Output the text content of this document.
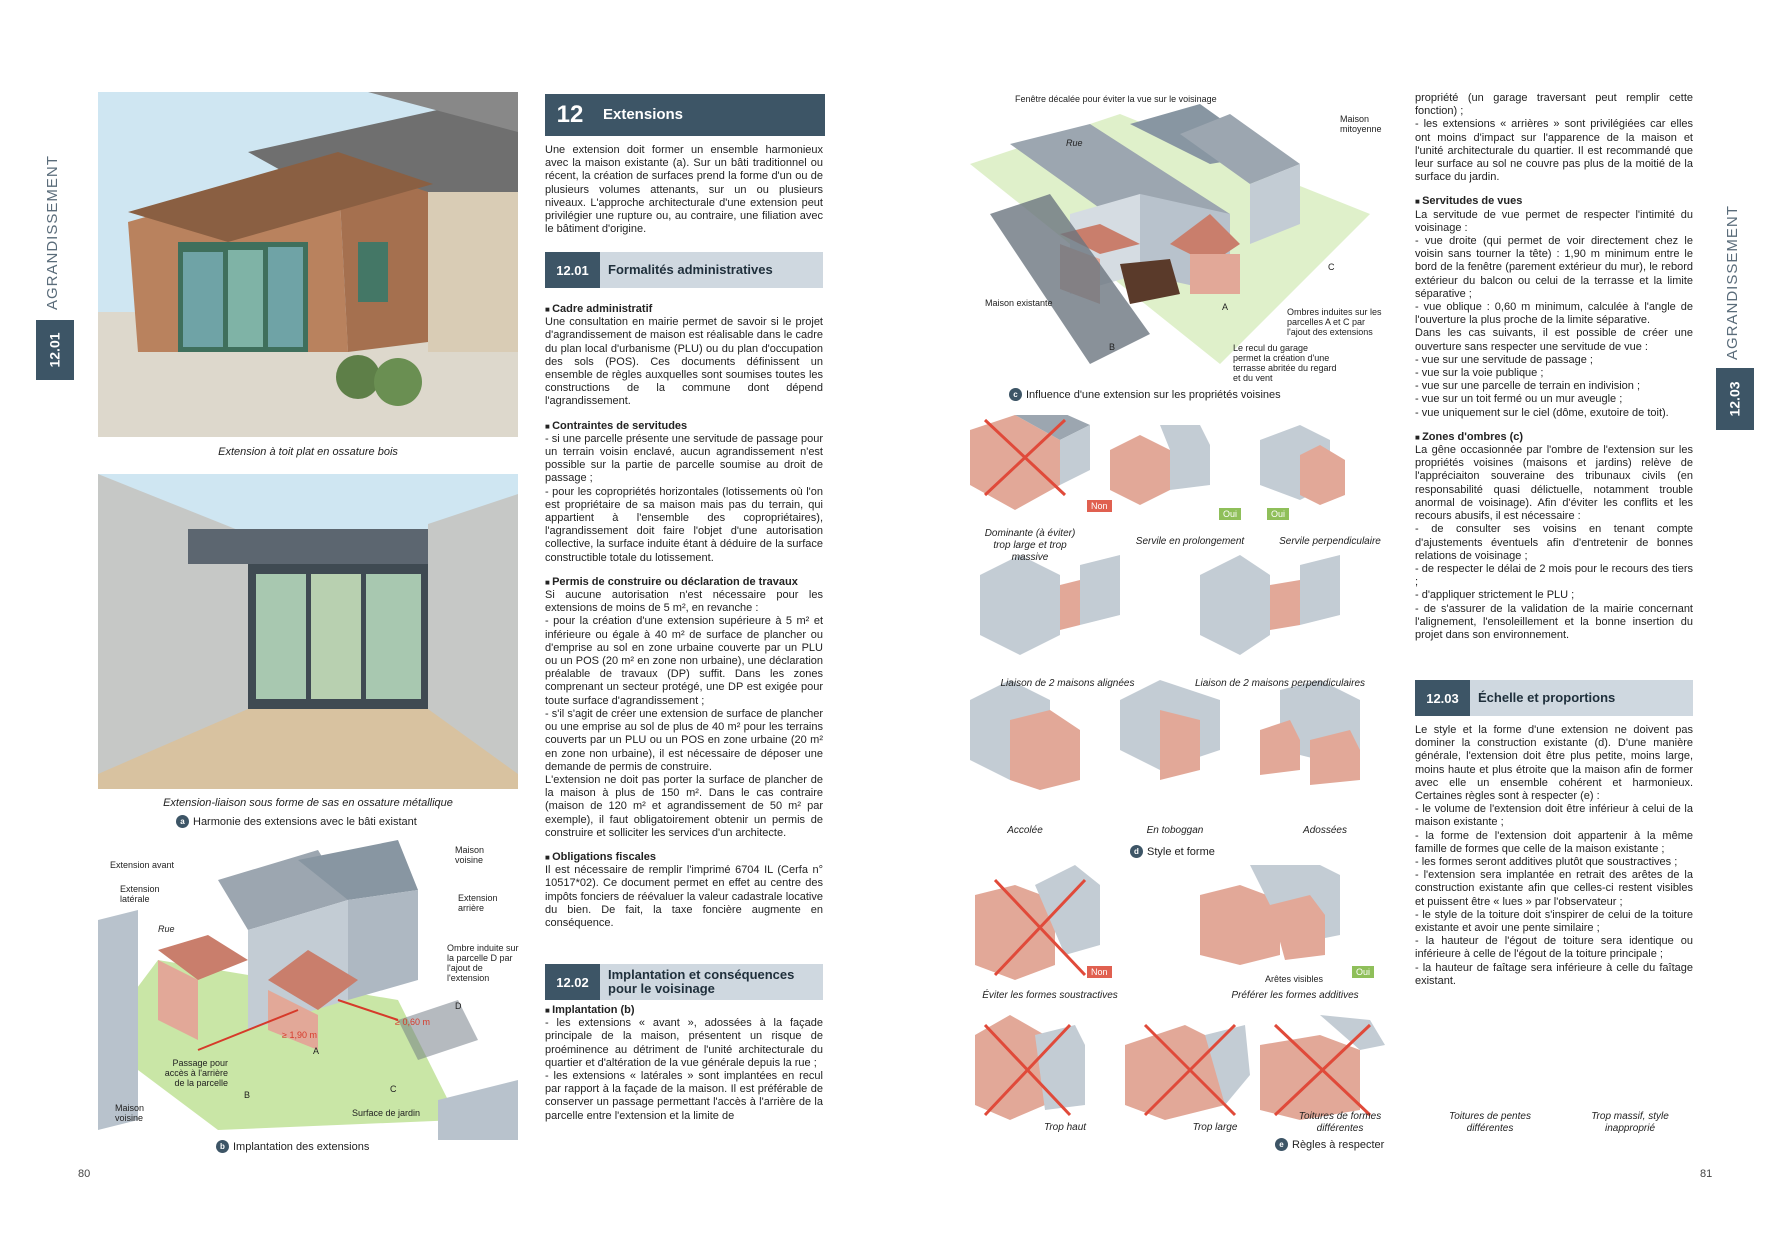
12.01
AGRANDISSEMENT
Extension à toit plat en ossature bois
Extension-liaison sous forme de sas en ossature métallique
a Harmonie des extensions avec le bâti existant
Extension avant
Extension latérale
Rue
Maison voisine
Extension arrière
Ombre induite sur la parcelle D par l'ajout de l'extension
Passage pour accès à l'arrière de la parcelle
Maison voisine	Surface de jardin
≥ 1,90 m
≥ 0,60 m
A
B
C
D
b Implantation des extensions
12	Extensions
Une extension doit former un ensemble harmonieux avec la maison existante (a). Sur un bâti traditionnel ou récent, la création de surfaces prend la forme d'un ou de plusieurs volumes attenants, sur un ou plusieurs niveaux. L'approche architecturale d'une extension peut privilégier une rupture ou, au contraire, une filiation avec le bâtiment d'origine.
12.01	Formalités administratives
■ Cadre administratif

Une consultation en mairie permet de savoir si le projet d'agrandissement de maison est réalisable dans le cadre du plan local d'urbanisme (PLU) ou du plan d'occupation des sols (POS). Ces documents définissent un ensemble de règles auxquelles sont soumises toutes les constructions de la commune dont dépend l'agrandissement.

■ Contraintes de servitudes

- si une parcelle présente une servitude de passage pour un terrain voisin enclavé, aucun agrandissement n'est possible sur la partie de parcelle soumise au droit de passage ;

- pour les copropriétés horizontales (lotissements où l'on est propriétaire de sa maison mais pas du terrain, qui appartient à l'ensemble des copropriétaires), l'agrandissement doit faire l'objet d'une autorisation collective, la surface induite étant à déduire de la surface constructible totale du lotissement.

■ Permis de construire ou déclaration de travaux

Si aucune autorisation n'est nécessaire pour les extensions de moins de 5 m², en revanche :

- pour la création d'une extension supérieure à 5 m² et inférieure ou égale à 40 m² de surface de plancher ou d'emprise au sol en zone urbaine couverte par un PLU ou un POS (20 m² en zone non urbaine), une déclaration préalable de travaux (DP) suffit. Dans les zones comprenant un secteur protégé, une DP est exigée pour toute surface d'agrandissement ;

- s'il s'agit de créer une extension de surface de plancher ou une emprise au sol de plus de 40 m² pour les terrains couverts par un PLU ou un POS en zone urbaine (20 m² en zone non urbaine), il est nécessaire de déposer une demande de permis de construire.

L'extension ne doit pas porter la surface de plancher de la maison à plus de 150 m². Dans le cas contraire (maison de 120 m² et agrandissement de 50 m² par exemple), il faut obligatoirement obtenir un permis de construire et solliciter les services d'un architecte.

■ Obligations fiscales

Il est nécessaire de remplir l'imprimé 6704 IL (Cerfa n° 10517*02). Ce document permet en effet au centre des impôts fonciers de réévaluer la valeur cadastrale locative du bien. De fait, la taxe foncière augmente en conséquence.

12.02	Implantation et conséquences pour le voisinage
■ Implantation (b)

- les extensions « avant », adossées à la façade principale de la maison, présentent un risque de proéminence au détriment de l'unité architecturale du quartier et d'altération de la vue générale depuis la rue ;

- les extensions « latérales » sont implantées en recul par rapport à la façade de la maison. Il est préférable de conserver un passage permettant l'accès à l'arrière de la parcelle entre l'extension et la limite de

80
Fenêtre décalée pour éviter la vue sur le voisinage
Rue
Maison mitoyenne
Maison existante
Ombres induites sur les parcelles A et C par l'ajout des extensions
Le recul du garage permet la création d'une terrasse abritée du regard et du vent
A
B
C
c Influence d'une extension sur les propriétés voisines
Non
Oui	Oui
Dominante (à éviter) trop large et trop massive
Servile en prolongement	Servile perpendiculaire
Liaison de 2 maisons alignées	Liaison de 2 maisons perpendiculaires
Accolée	En toboggan	Adossées
d Style et forme
Non	Oui
Arêtes visibles
Éviter les formes soustractives	Préférer les formes additives
Trop haut	Trop large
Toitures de formes différentes
Toitures de pentes différentes
Trop massif, style inapproprié
e Règles à respecter

propriété (un garage traversant peut remplir cette fonction) ;

- les extensions « arrières » sont privilégiées car elles ont moins d'impact sur l'apparence de la maison et l'unité architecturale du quartier. Il est recommandé que leur surface au sol ne couvre pas plus de la moitié de la surface du jardin.

■ Servitudes de vues

La servitude de vue permet de respecter l'intimité du voisinage :

- vue droite (qui permet de voir directement chez le voisin sans tourner la tête) : 1,90 m minimum entre le bord de la fenêtre (parement extérieur du mur), le rebord extérieur du balcon ou celui de la terrasse et la limite séparative ;

- vue oblique : 0,60 m minimum, calculée à l'angle de l'ouverture la plus proche de la limite séparative.

Dans les cas suivants, il est possible de créer une ouverture sans respecter une servitude de vue :

- vue sur une servitude de passage ;

- vue sur la voie publique ;

- vue sur une parcelle de terrain en indivision ;

- vue sur un toit fermé ou un mur aveugle ;

- vue uniquement sur le ciel (dôme, exutoire de toit).

■ Zones d'ombres (c)

La gêne occasionnée par l'ombre de l'extension sur les propriétés voisines (maisons et jardins) relève de l'appréciaiton souveraine des tribunaux civils (en responsabilité quasi délictuelle, notamment trouble anormal de voisinage). Afin d'éviter les conflits et les recours abusifs, il est nécessaire :

- de consulter ses voisins en tenant compte d'ajustements éventuels afin d'entretenir de bonnes relations de voisinage ;

- de respecter le délai de 2 mois pour le recours des tiers ;

- d'appliquer strictement le PLU ;

- de s'assurer de la validation de la mairie concernant l'alignement, l'ensoleillement et la bonne insertion du projet dans son environnement.

12.03	Échelle et proportions

Le style et la forme d'une extension ne doivent pas dominer la construction existante (d). D'une manière générale, l'extension doit être plus petite, moins large, moins haute et plus étroite que la maison afin de former avec elle un ensemble cohérent et harmonieux. Certaines règles sont à respecter (e) :

- le volume de l'extension doit être inférieur à celui de la maison existante ;

- la forme de l'extension doit appartenir à la même famille de formes que celle de la maison existante ;

- les formes seront additives plutôt que soustractives ;

- l'extension sera implantée en retrait des arêtes de la construction existante afin que celles-ci restent visibles et puissent être « lues » par l'observateur ;

- le style de la toiture doit s'inspirer de celui de la toiture existante et avoir une pente similaire ;

- la hauteur de l'égout de toiture sera identique ou inférieure à celle de l'égout de la toiture principale ;

- la hauteur de faîtage sera inférieure à celle du faîtage existant.

12.03
AGRANDISSEMENT
81
